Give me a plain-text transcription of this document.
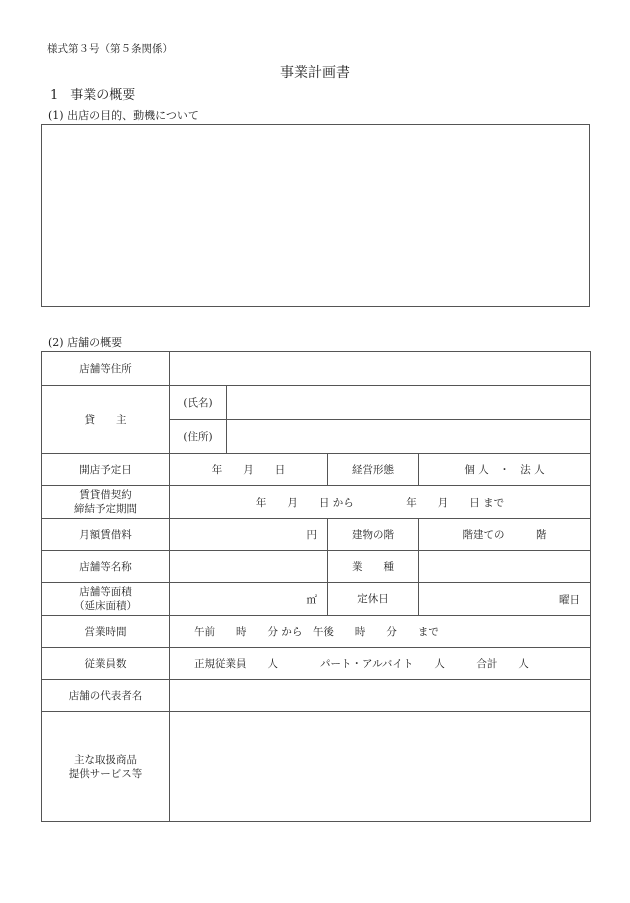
様式第３号（第５条関係）
事業計画書
1 事業の概要
(1) 出店の目的、動機について
(2) 店舗の概要
店舗等住所				
貸　　主	(氏名)			
	(住所)			
開店予定日	年　　月　　日		経営形態	個 人　・　法 人

賃貸借契約
締結予定期間	年　　月　　日 から　　　　　年　　月　　日 まで			
月額賃借料	円		建物の階	階建ての　　　階
店舗等名称			業　　種	

店舗等面積
（延床面積）	㎡		定休日	曜日
営業時間	午前　　時　　分 から　午後　　時　　分　　まで			
従業員数	正規従業員　　人　　　　パート・アルバイト　　人　　　合計　　人			
店舗の代表者名				

主な取扱商品
提供サービス等				
